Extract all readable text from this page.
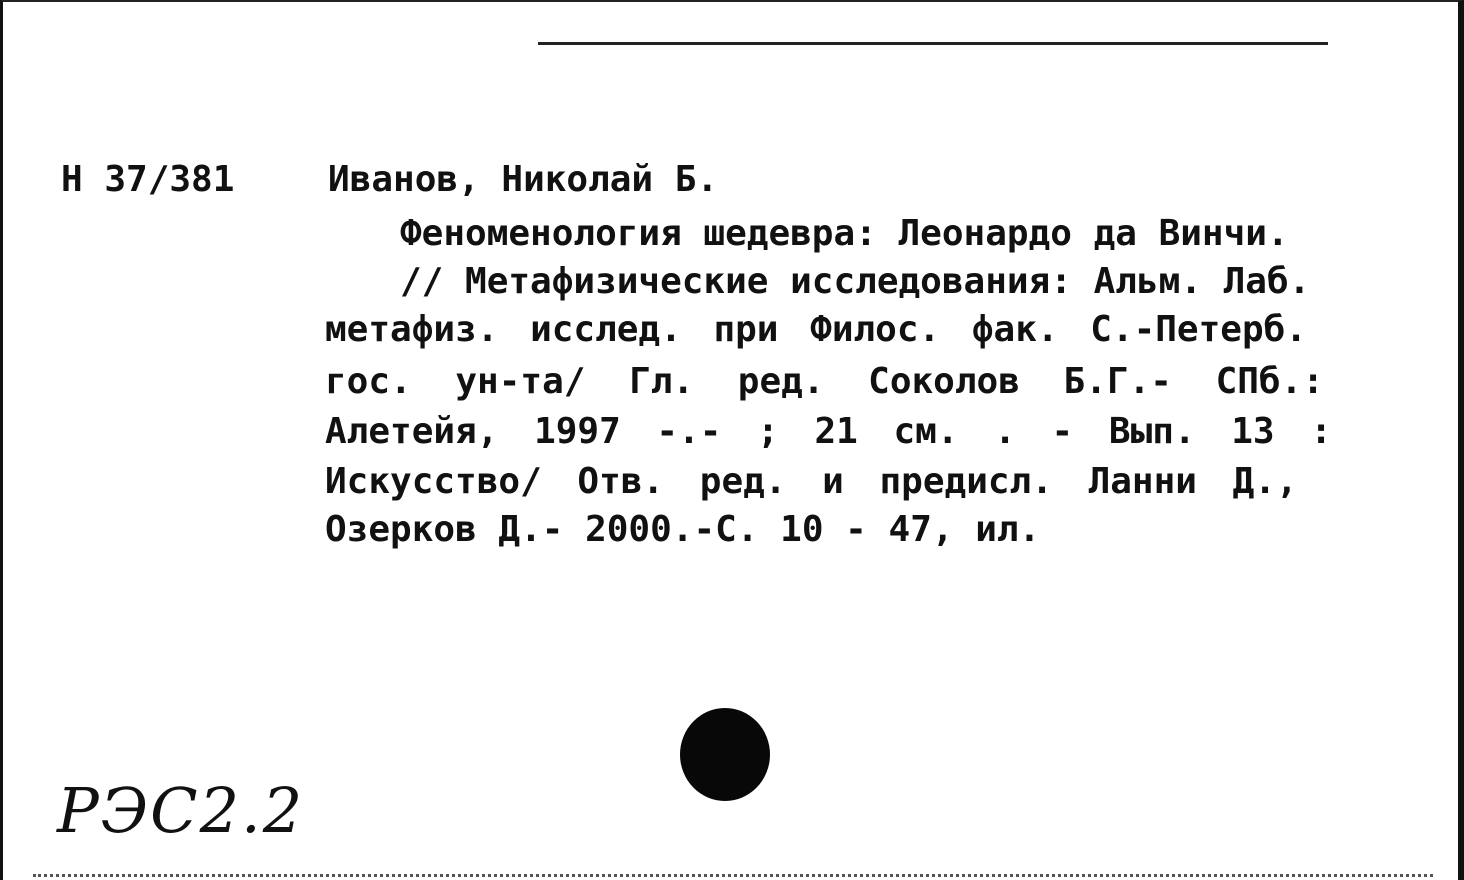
Н 37/381	Иванов, Николай Б.
Феноменология шедевра: Леонардо да Винчи.
// Метафизические исследования: Альм. Лаб.
метафиз. исслед. при Филос. фак. С.-Петерб.
гос. ун-та/ Гл. ред. Соколов Б.Г.- СПб.:
Алетейя, 1997 -.- ; 21 см. . - Вып. 13 :
Искусство/ Отв. ред. и предисл. Ланни Д.,
Озерков Д.- 2000.-С. 10 - 47, ил.
РЭС2.2
